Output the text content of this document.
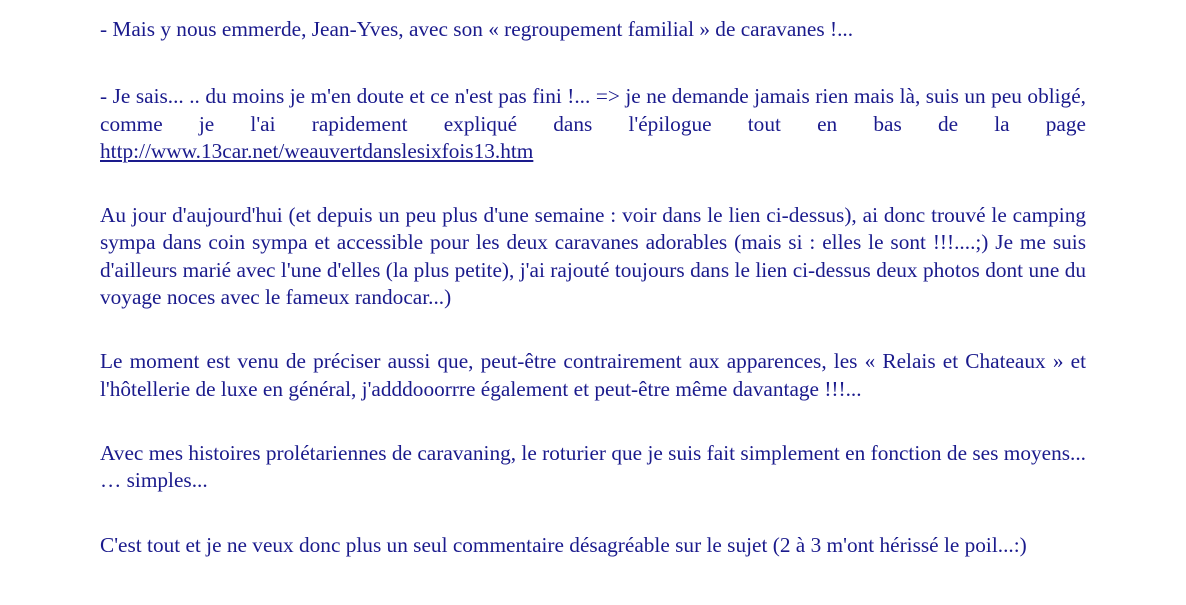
- Mais y nous emmerde, Jean-Yves, avec son « regroupement familial » de caravanes !...

- Je sais... .. du moins je m'en doute et ce n'est pas fini !... => je ne demande jamais rien mais là, suis un peu obligé, comme je l'ai rapidement expliqué dans l'épilogue tout en bas de la page http://www.13car.net/weauvertdanslesixfois13.htm

Au jour d'aujourd'hui (et depuis un peu plus d'une semaine : voir dans le lien ci-dessus), ai donc trouvé le camping sympa dans coin sympa et accessible pour les deux caravanes adorables (mais si : elles le sont !!!....;) Je me suis d'ailleurs marié avec l'une d'elles (la plus petite), j'ai rajouté toujours dans le lien ci-dessus deux photos dont une du voyage noces avec le fameux randocar...)

Le moment est venu de préciser aussi que, peut-être contrairement aux apparences, les « Relais et Chateaux » et l'hôtellerie de luxe en général, j'adddooorrre également et peut-être même davantage !!!...

Avec mes histoires prolétariennes de caravaning, le roturier que je suis fait simplement en fonction de ses moyens... … simples...

C'est tout et je ne veux donc plus un seul commentaire désagréable sur le sujet (2 à 3 m'ont hérissé le poil...:)
